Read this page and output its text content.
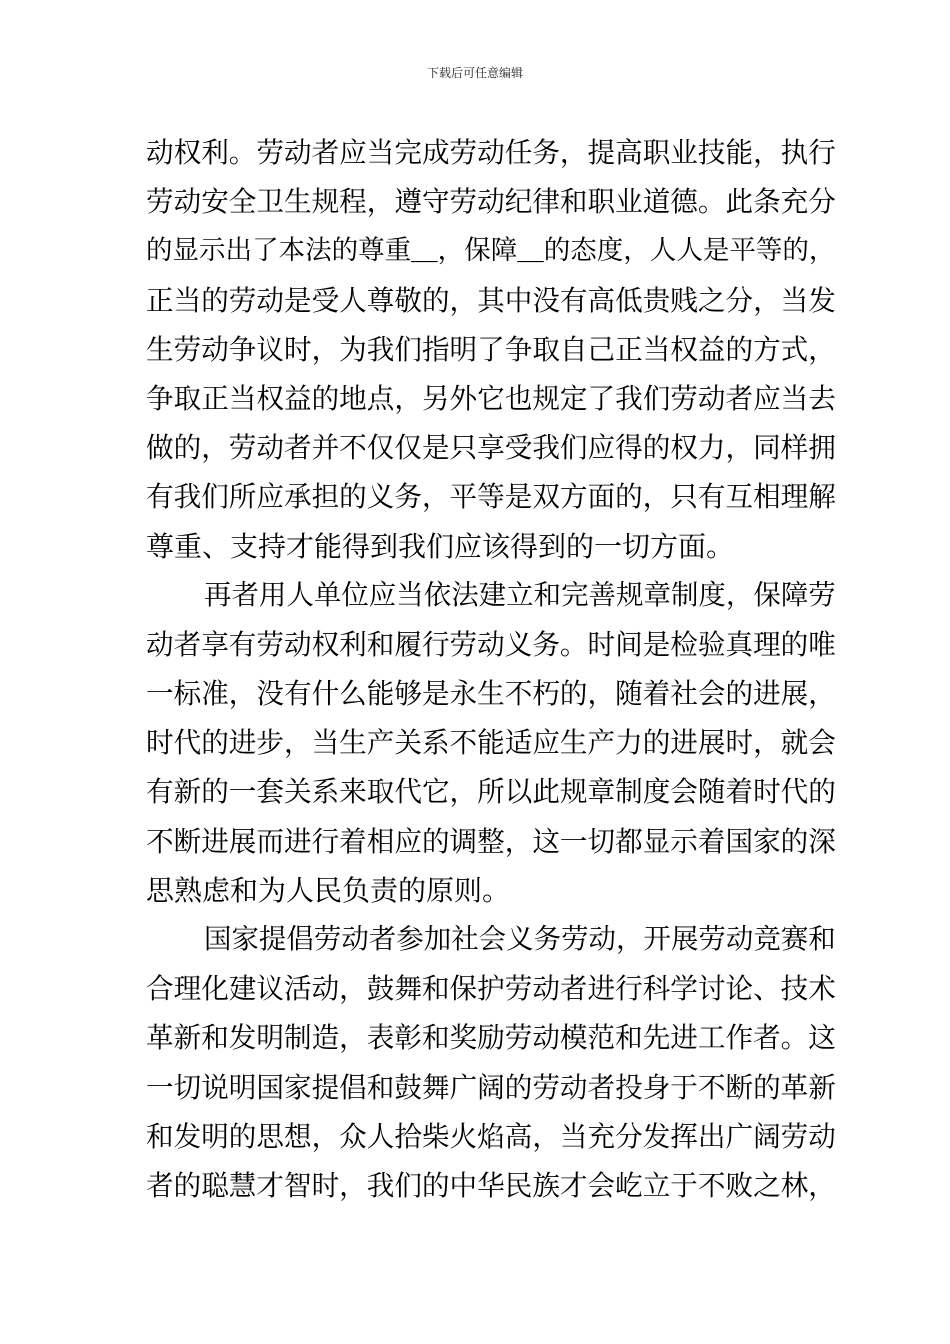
下载后可任意编辑
动权利。劳动者应当完成劳动任务，提高职业技能，执行
劳动安全卫生规程，遵守劳动纪律和职业道德。此条充分
的显示出了本法的尊重＿，保障＿的态度，人人是平等的，
正当的劳动是受人尊敬的，其中没有高低贵贱之分，当发
生劳动争议时，为我们指明了争取自己正当权益的方式，
争取正当权益的地点，另外它也规定了我们劳动者应当去
做的，劳动者并不仅仅是只享受我们应得的权力，同样拥
有我们所应承担的义务，平等是双方面的，只有互相理解
尊重、支持才能得到我们应该得到的一切方面。
再者用人单位应当依法建立和完善规章制度，保障劳
动者享有劳动权利和履行劳动义务。时间是检验真理的唯
一标准，没有什么能够是永生不朽的，随着社会的进展，
时代的进步，当生产关系不能适应生产力的进展时，就会
有新的一套关系来取代它，所以此规章制度会随着时代的
不断进展而进行着相应的调整，这一切都显示着国家的深
思熟虑和为人民负责的原则。
国家提倡劳动者参加社会义务劳动，开展劳动竞赛和
合理化建议活动，鼓舞和保护劳动者进行科学讨论、技术
革新和发明制造，表彰和奖励劳动模范和先进工作者。这
一切说明国家提倡和鼓舞广阔的劳动者投身于不断的革新
和发明的思想，众人拾柴火焰高，当充分发挥出广阔劳动
者的聪慧才智时，我们的中华民族才会屹立于不败之林，
